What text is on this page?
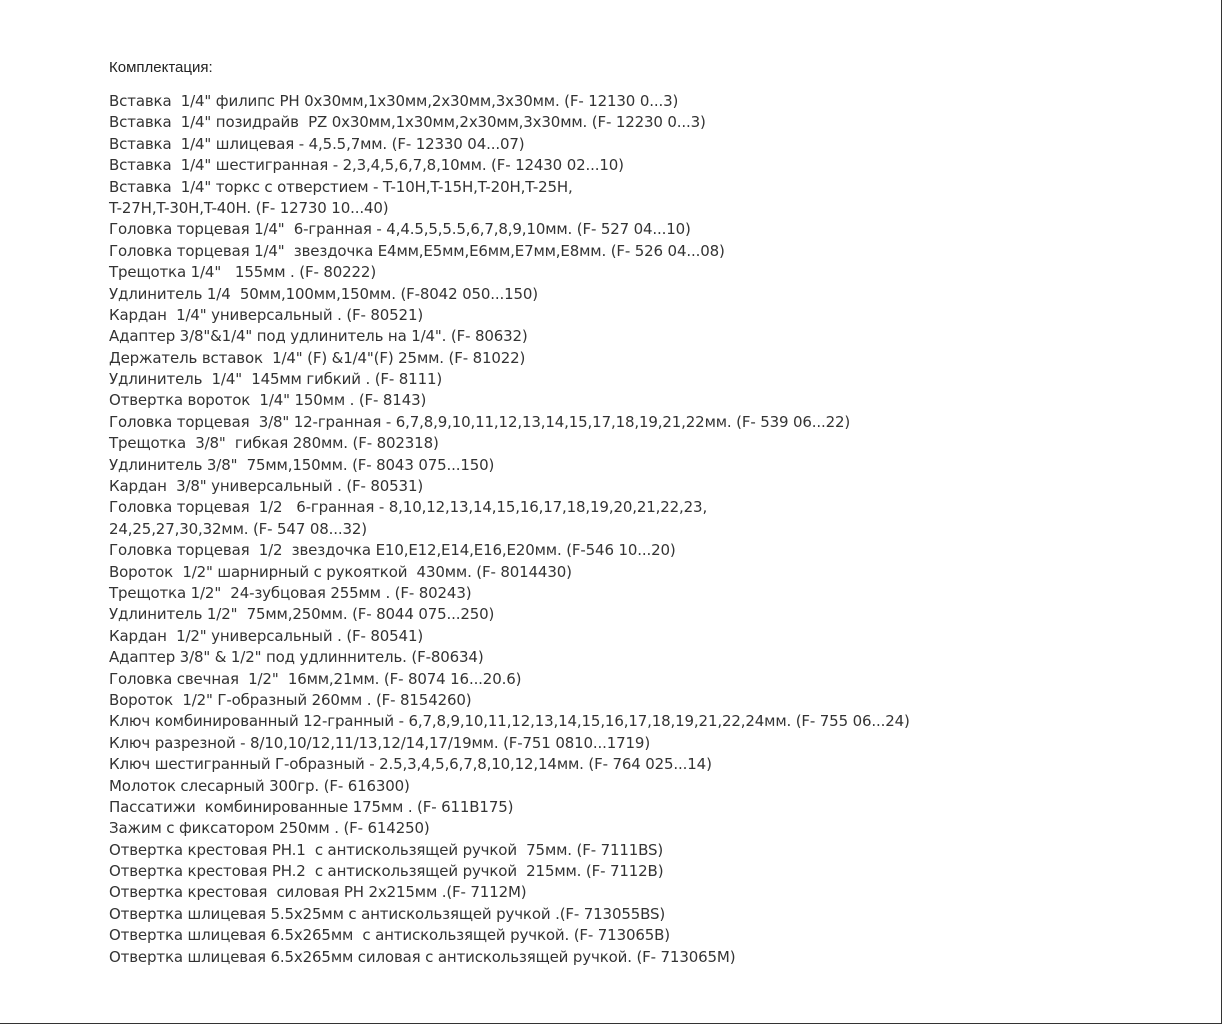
Комплектация:
Вставка  1/4" филипс PH 0х30мм,1х30мм,2х30мм,3х30мм. (F- 12130 0...3)
Вставка  1/4" позидрайв  PZ 0х30мм,1х30мм,2х30мм,3х30мм. (F- 12230 0...3)
Вставка  1/4" шлицевая - 4,5.5,7мм. (F- 12330 04...07)
Вставка  1/4" шестигранная - 2,3,4,5,6,7,8,10мм. (F- 12430 02...10)
Вставка  1/4" торкс с отверстием - T-10H,T-15H,T-20H,T-25H,
T-27H,T-30H,T-40H. (F- 12730 10...40)
Головка торцевая 1/4"  6-гранная - 4,4.5,5,5.5,6,7,8,9,10мм. (F- 527 04...10)
Головка торцевая 1/4"  звездочка E4мм,E5мм,E6мм,E7мм,E8мм. (F- 526 04...08)
Трещотка 1/4"   155мм . (F- 80222)
Удлинитель 1/4  50мм,100мм,150мм. (F-8042 050...150)
Кардан  1/4" универсальный . (F- 80521)
Адаптер 3/8"&1/4" под удлинитель на 1/4". (F- 80632)
Держатель вставок  1/4" (F) &1/4"(F) 25мм. (F- 81022)
Удлинитель  1/4"  145мм гибкий . (F- 8111)
Отвертка вороток  1/4" 150мм . (F- 8143)
Головка торцевая  3/8" 12-гранная - 6,7,8,9,10,11,12,13,14,15,17,18,19,21,22мм. (F- 539 06...22)
Трещотка  3/8"  гибкая 280мм. (F- 802318)
Удлинитель 3/8"  75мм,150мм. (F- 8043 075...150)
Кардан  3/8" универсальный . (F- 80531)
Головка торцевая  1/2   6-гранная - 8,10,12,13,14,15,16,17,18,19,20,21,22,23,
24,25,27,30,32мм. (F- 547 08...32)
Головка торцевая  1/2  звездочка E10,E12,E14,E16,E20мм. (F-546 10...20)
Вороток  1/2" шарнирный с рукояткой  430мм. (F- 8014430)
Трещотка 1/2"  24-зубцовая 255мм . (F- 80243)
Удлинитель 1/2"  75мм,250мм. (F- 8044 075...250)
Кардан  1/2" универсальный . (F- 80541)
Адаптер 3/8" & 1/2" под удлиннитель. (F-80634)
Головка свечная  1/2"  16мм,21мм. (F- 8074 16...20.6)
Вороток  1/2" Г-образный 260мм . (F- 8154260)
Ключ комбинированный 12-гранный - 6,7,8,9,10,11,12,13,14,15,16,17,18,19,21,22,24мм. (F- 755 06...24)
Ключ разрезной - 8/10,10/12,11/13,12/14,17/19мм. (F-751 0810...1719)
Ключ шестигранный Г-образный - 2.5,3,4,5,6,7,8,10,12,14мм. (F- 764 025...14)
Молоток слесарный 300гр. (F- 616300)
Пассатижи  комбинированные 175мм . (F- 611B175)
Зажим с фиксатором 250мм . (F- 614250)
Отвертка крестовая PH.1  с антискользящей ручкой  75мм. (F- 7111BS)
Отвертка крестовая PH.2  с антискользящей ручкой  215мм. (F- 7112B)
Отвертка крестовая  силовая PH 2х215мм .(F- 7112M)
Отвертка шлицевая 5.5х25мм с антискользящей ручкой .(F- 713055BS)
Отвертка шлицевая 6.5х265мм  с антискользящей ручкой. (F- 713065B)
Отвертка шлицевая 6.5х265мм силовая с антискользящей ручкой. (F- 713065M)
